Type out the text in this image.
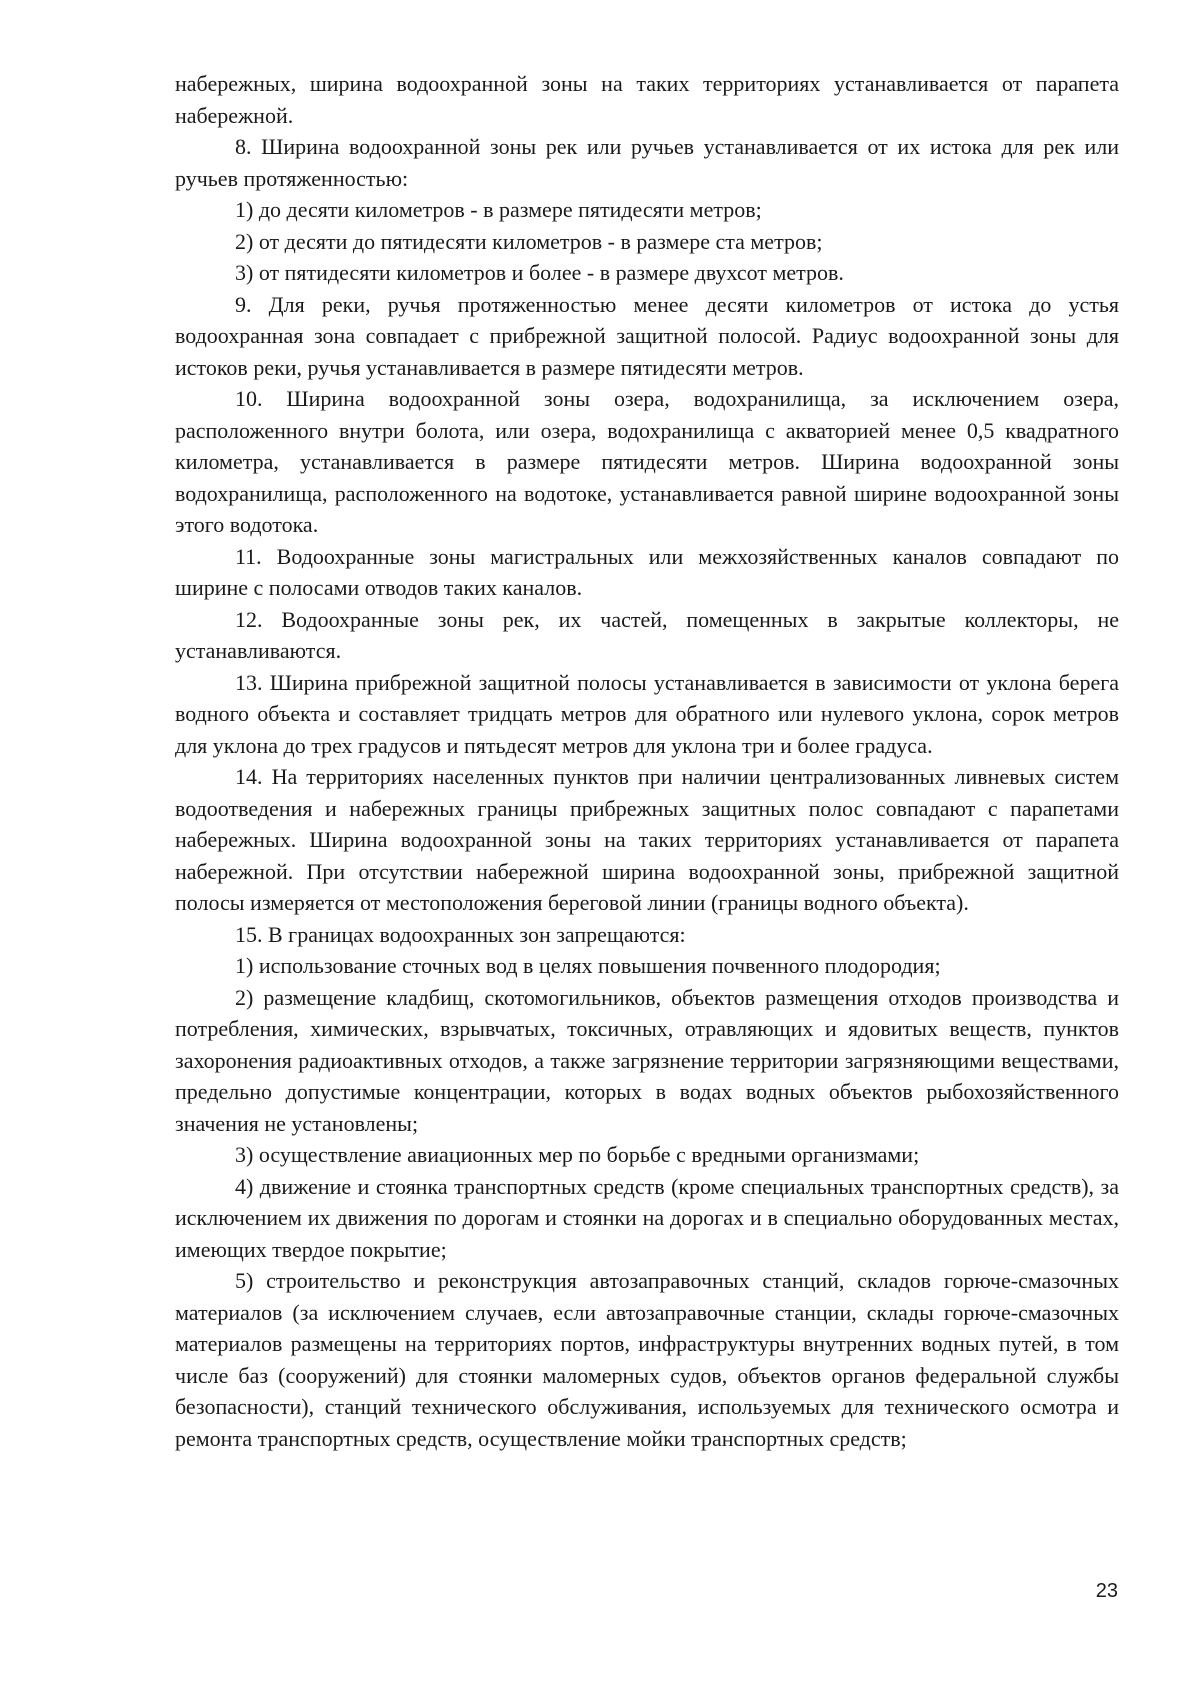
набережных, ширина водоохранной зоны на таких территориях устанавливается от парапета набережной.

8. Ширина водоохранной зоны рек или ручьев устанавливается от их истока для рек или ручьев протяженностью:

1) до десяти километров - в размере пятидесяти метров;

2) от десяти до пятидесяти километров - в размере ста метров;

3) от пятидесяти километров и более - в размере двухсот метров.

9. Для реки, ручья протяженностью менее десяти километров от истока до устья водоохранная зона совпадает с прибрежной защитной полосой. Радиус водоохранной зоны для истоков реки, ручья устанавливается в размере пятидесяти метров.

10. Ширина водоохранной зоны озера, водохранилища, за исключением озера, расположенного внутри болота, или озера, водохранилища с акваторией менее 0,5 квадратного километра, устанавливается в размере пятидесяти метров. Ширина водоохранной зоны водохранилища, расположенного на водотоке, устанавливается равной ширине водоохранной зоны этого водотока.

11. Водоохранные зоны магистральных или межхозяйственных каналов совпадают по ширине с полосами отводов таких каналов.

12. Водоохранные зоны рек, их частей, помещенных в закрытые коллекторы, не устанавливаются.

13. Ширина прибрежной защитной полосы устанавливается в зависимости от уклона берега водного объекта и составляет тридцать метров для обратного или нулевого уклона, сорок метров для уклона до трех градусов и пятьдесят метров для уклона три и более градуса.

14. На территориях населенных пунктов при наличии централизованных ливневых систем водоотведения и набережных границы прибрежных защитных полос совпадают с парапетами набережных. Ширина водоохранной зоны на таких территориях устанавливается от парапета набережной. При отсутствии набережной ширина водоохранной зоны, прибрежной защитной полосы измеряется от местоположения береговой линии (границы водного объекта).

15. В границах водоохранных зон запрещаются:

1) использование сточных вод в целях повышения почвенного плодородия;

2) размещение кладбищ, скотомогильников, объектов размещения отходов производства и потребления, химических, взрывчатых, токсичных, отравляющих и ядовитых веществ, пунктов захоронения радиоактивных отходов, а также загрязнение территории загрязняющими веществами, предельно допустимые концентрации, которых в водах водных объектов рыбохозяйственного значения не установлены;

3) осуществление авиационных мер по борьбе с вредными организмами;

4) движение и стоянка транспортных средств (кроме специальных транспортных средств), за исключением их движения по дорогам и стоянки на дорогах и в специально оборудованных местах, имеющих твердое покрытие;

5) строительство и реконструкция автозаправочных станций, складов горюче-смазочных материалов (за исключением случаев, если автозаправочные станции, склады горюче-смазочных материалов размещены на территориях портов, инфраструктуры внутренних водных путей, в том числе баз (сооружений) для стоянки маломерных судов, объектов органов федеральной службы безопасности), станций технического обслуживания, используемых для технического осмотра и ремонта транспортных средств, осуществление мойки транспортных средств;

23
